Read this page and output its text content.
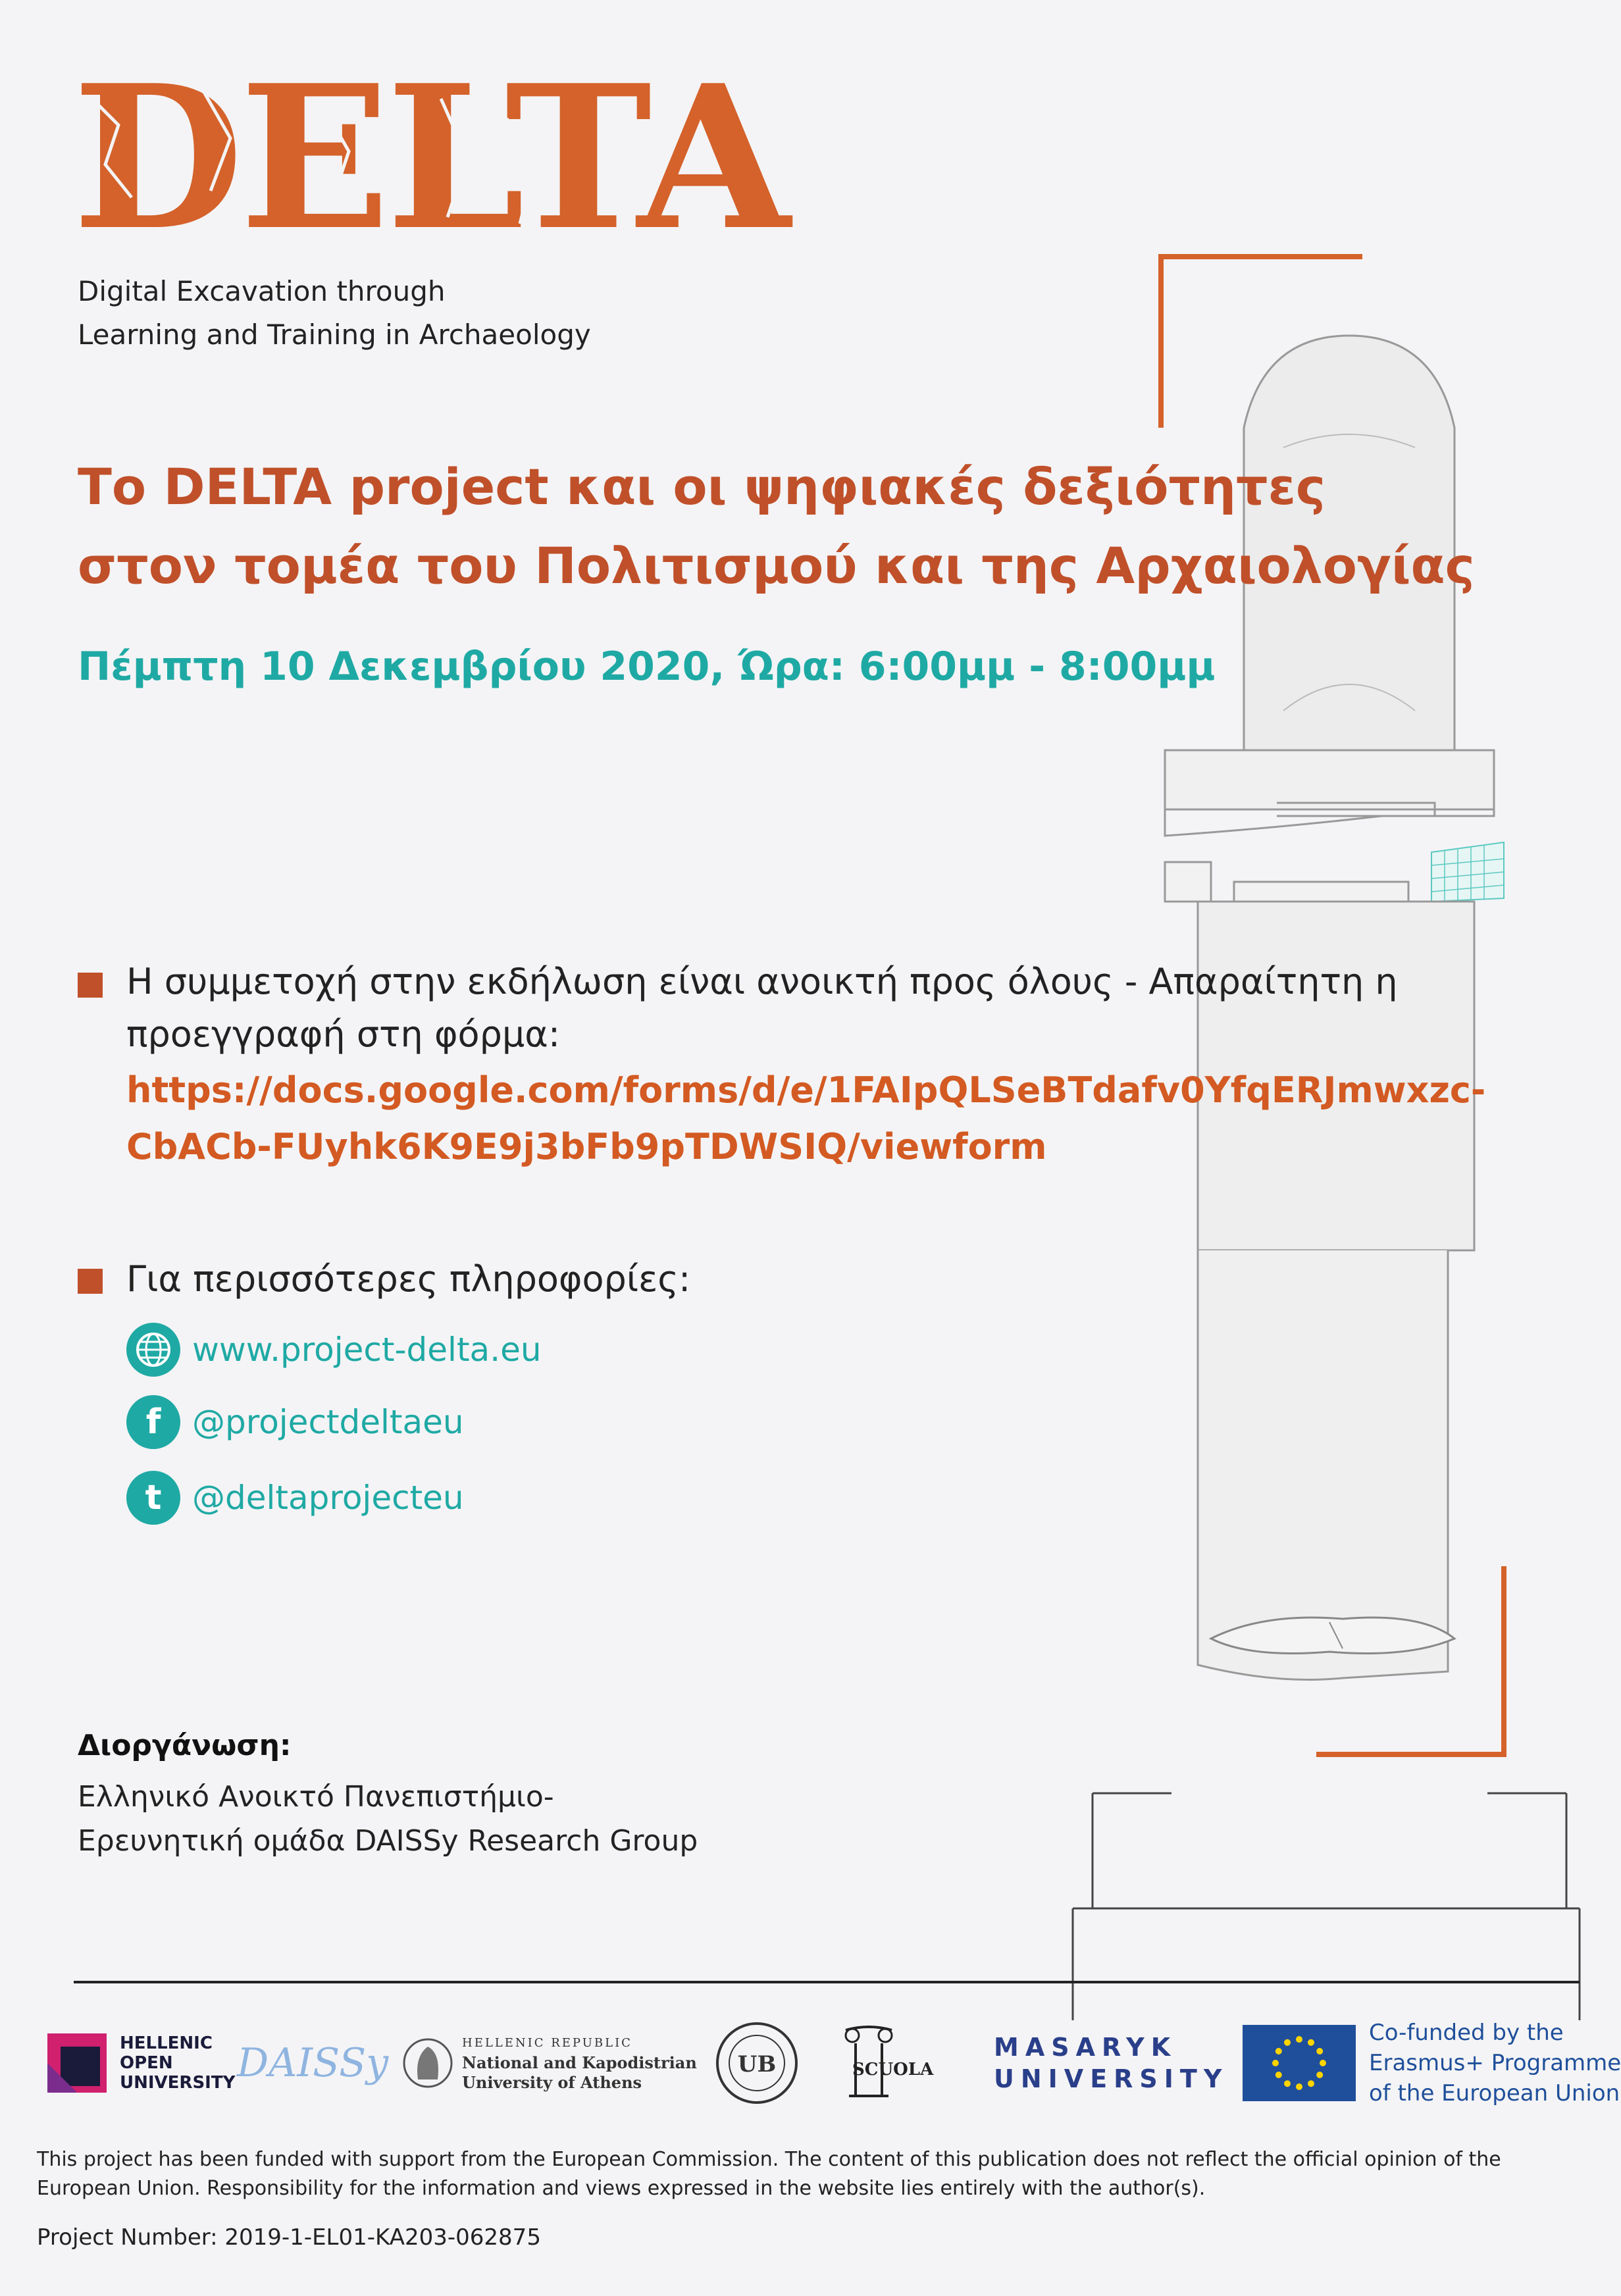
DELTA
Digital Excavation through
Learning and Training in Archaeology
Το DELTA project και οι ψηφιακές δεξιότητες
στον τομέα του Πολιτισμού και της Αρχαιολογίας
Πέμπτη 10 Δεκεμβρίου 2020, Ώρα: 6:00μμ - 8:00μμ
Η συμμετοχή στην εκδήλωση είναι ανοικτή προς όλους - Απαραίτητη η
προεγγραφή στη φόρμα:
https://docs.google.com/forms/d/e/1FAIpQLSeBTdafv0YfqERJmwxzc-
CbACb-FUyhk6K9E9j3bFb9pTDWSIQ/viewform
Για περισσότερες πληροφορίες:
www.project-delta.eu
f @projectdeltaeu
t @deltaprojecteu
Διοργάνωση:
Ελληνικό Ανοικτό Πανεπιστήμιο-
Ερευνητική ομάδα DAISSy Research Group
HELLENIC
OPEN
UNIVERSITY DAISSy	HELLENIC REPUBLIC
National and Kapodistrian
University of Athens
UB	SCUOLA
MASARYK
UNIVERSITY
Co-funded by the
Erasmus+ Programme
of the European Union
This project has been funded with support from the European Commission. The content of this publication does not reflect the official opinion of the European Union. Responsibility for the information and views expressed in the website lies entirely with the author(s).
Project Number: 2019-1-EL01-KA203-062875
